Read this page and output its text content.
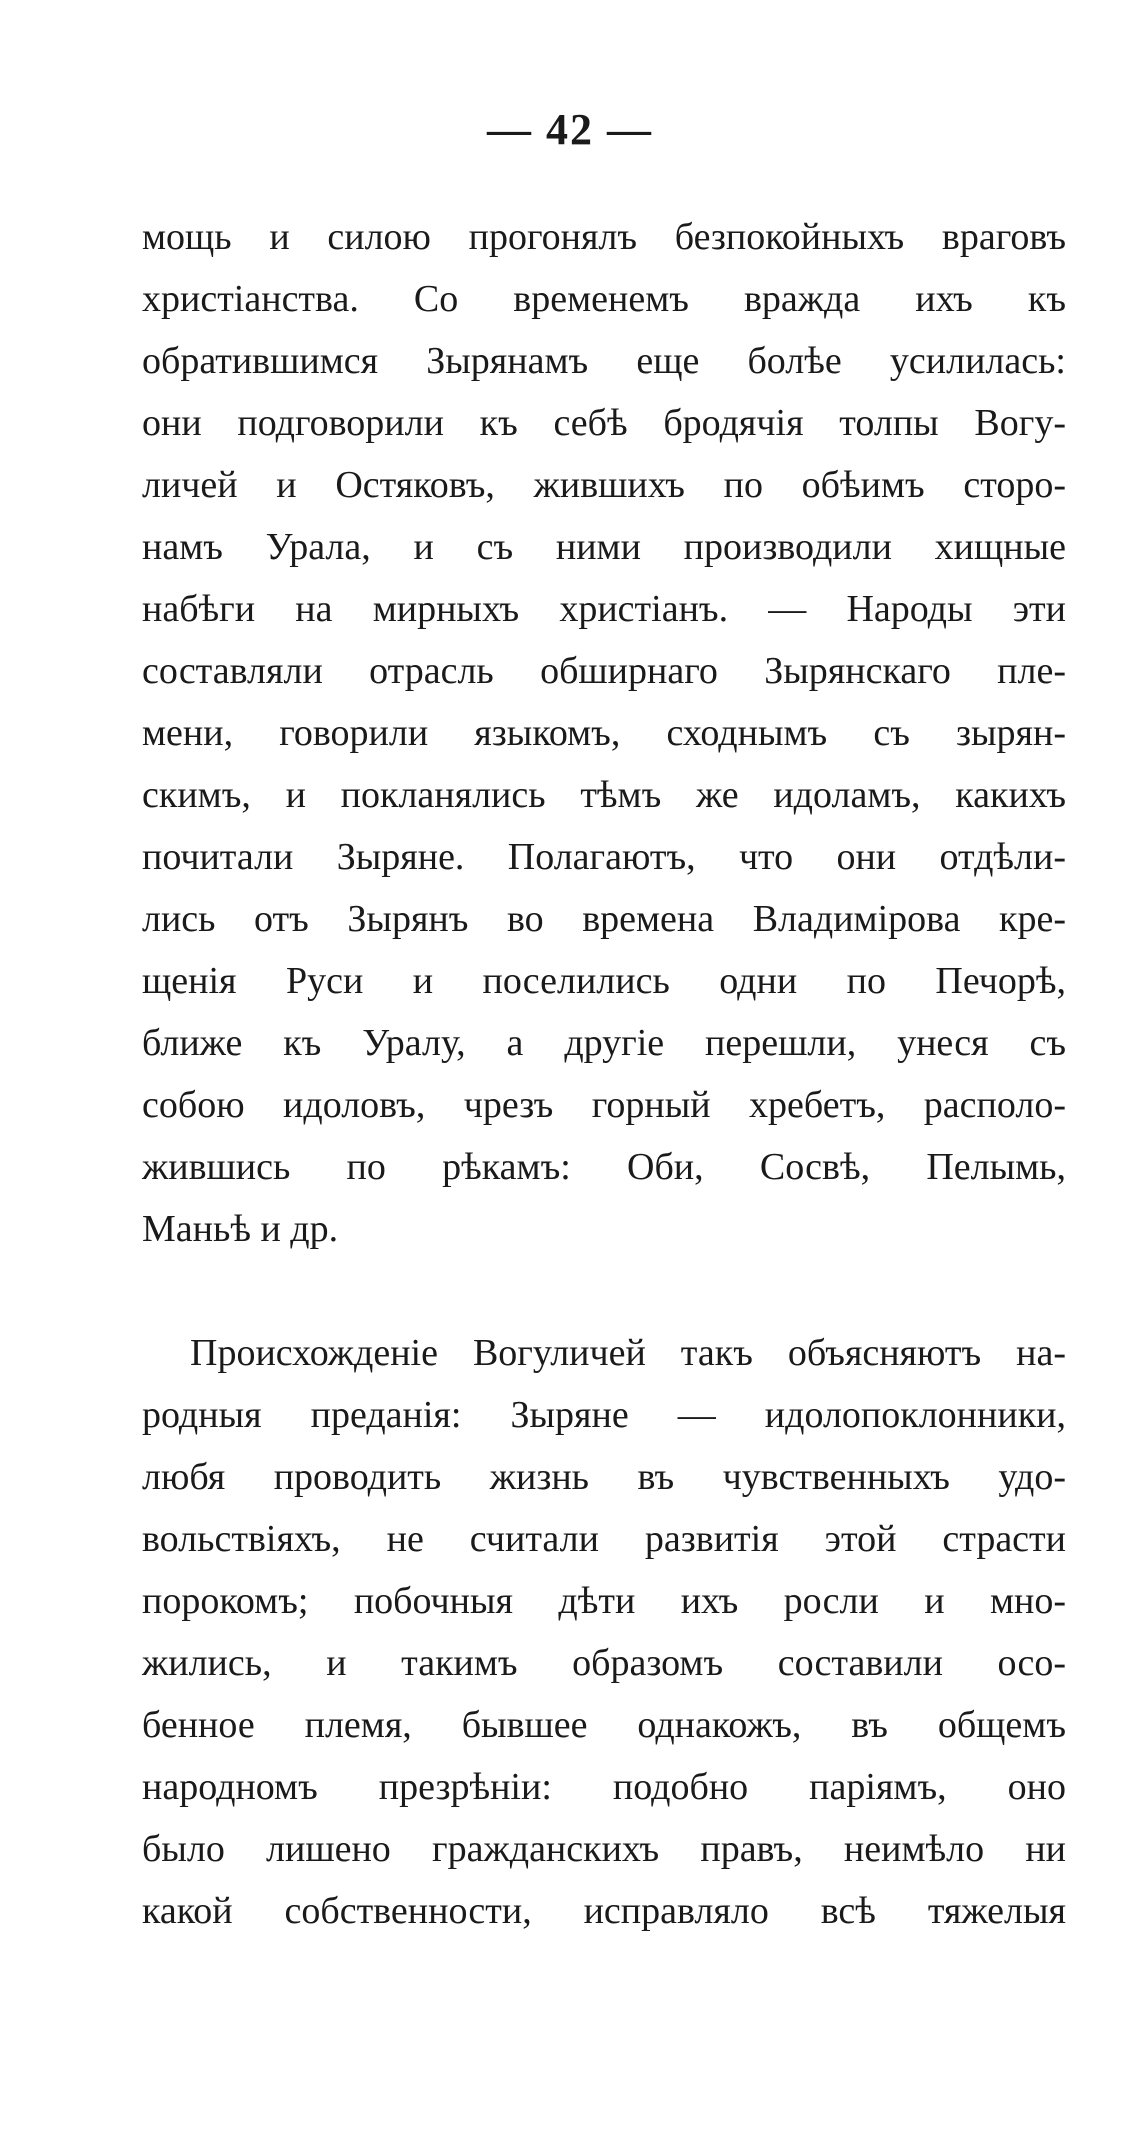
— 42 —
мощь и силою прогонялъ безпокойныхъ враговъ
христіанства. Со временемъ вражда ихъ къ
обратившимся Зырянамъ еще болѣе усилилась:
они подговорили къ себѣ бродячія толпы Вогу-
личей и Остяковъ, жившихъ по обѣимъ сторо-
намъ Урала, и съ ними производили хищные
набѣги на мирныхъ христіанъ. — Народы эти
составляли отрасль обширнаго Зырянскаго пле-
мени, говорили языкомъ, сходнымъ съ зырян-
скимъ, и покланялись тѣмъ же идоламъ, какихъ
почитали Зыряне. Полагаютъ, что они отдѣли-
лись отъ Зырянъ во времена Владимірова кре-
щенія Руси и поселились одни по Печорѣ,
ближе къ Уралу, а другіе перешли, унеся съ
собою идоловъ, чрезъ горный хребетъ, располо-
жившись по рѣкамъ: Оби, Сосвѣ, Пелымь,
Маньѣ и др.
Происхожденіе Вогуличей такъ объясняютъ на-
родныя преданія: Зыряне — идолопоклонники,
любя проводить жизнь въ чувственныхъ удо-
вольствіяхъ, не считали развитія этой страсти
порокомъ; побочныя дѣти ихъ росли и мно-
жились, и такимъ образомъ составили осо-
бенное племя, бывшее однакожъ, въ общемъ
народномъ презрѣніи: подобно паріямъ, оно
было лишено гражданскихъ правъ, неимѣло ни
какой собственности, исправляло всѣ тяжелыя
